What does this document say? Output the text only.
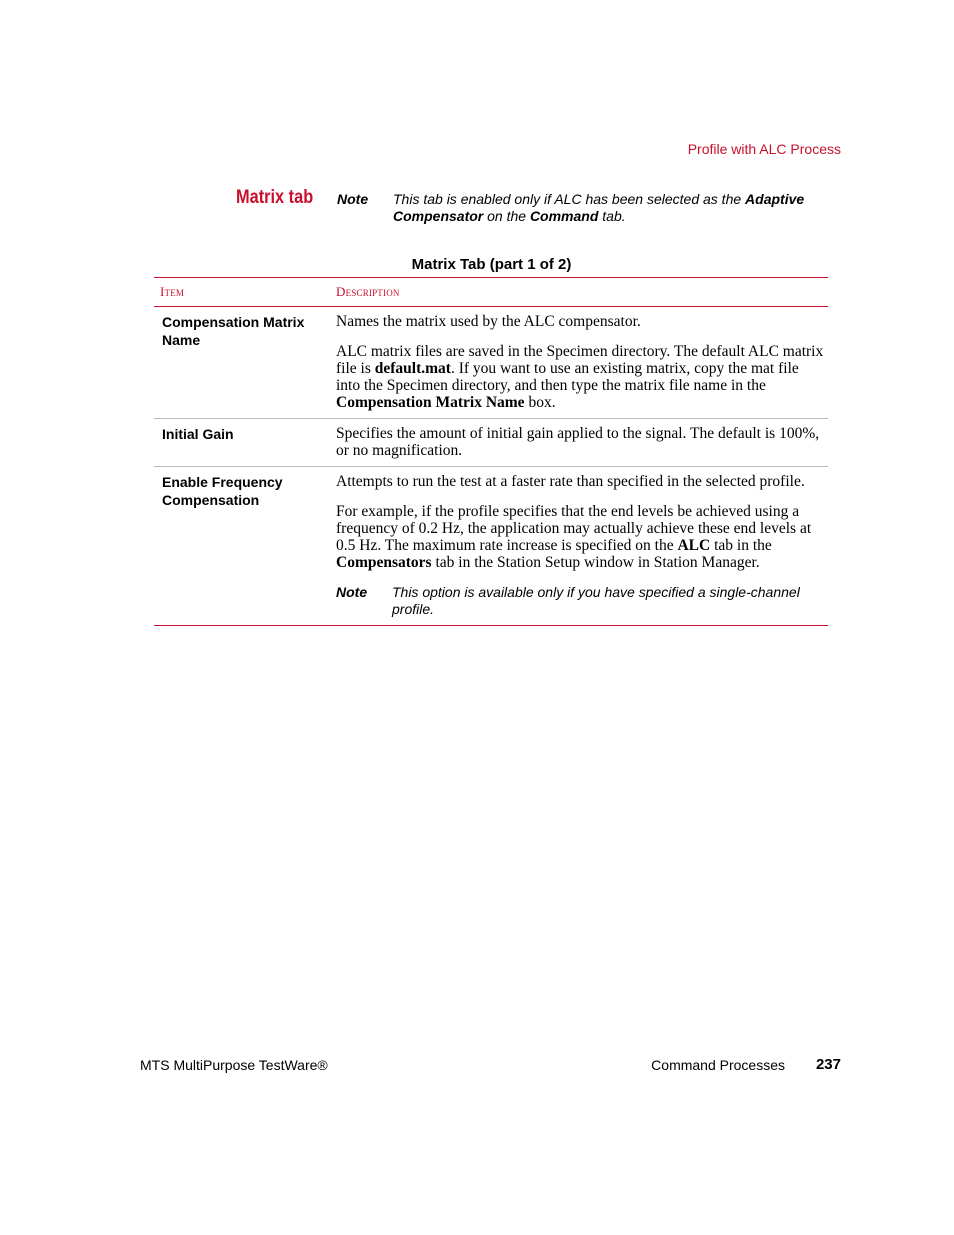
Profile with ALC Process
Matrix tab Note This tab is enabled only if ALC has been selected as the Adaptive Compensator on the Command tab.
Matrix Tab (part 1 of 2)
Item	Description
Compensation Matrix Name	Names the matrix used by the ALC compensator.

ALC matrix files are saved in the Specimen directory. The default ALC matrix file is default.mat. If you want to use an existing matrix, copy the mat file into the Specimen directory, and then type the matrix file name in the Compensation Matrix Name box.

Initial Gain	Specifies the amount of initial gain applied to the signal. The default is 100%, or no magnification.

Enable Frequency Compensation	Attempts to run the test at a faster rate than specified in the selected profile.

For example, if the profile specifies that the end levels be achieved using a frequency of 0.2 Hz, the application may actually achieve these end levels at 0.5 Hz. The maximum rate increase is specified on the ALC tab in the Compensators tab in the Station Setup window in Station Manager.

Note This option is available only if you have specified a single-channel profile.
MTS MultiPurpose TestWare®	Command Processes 237
